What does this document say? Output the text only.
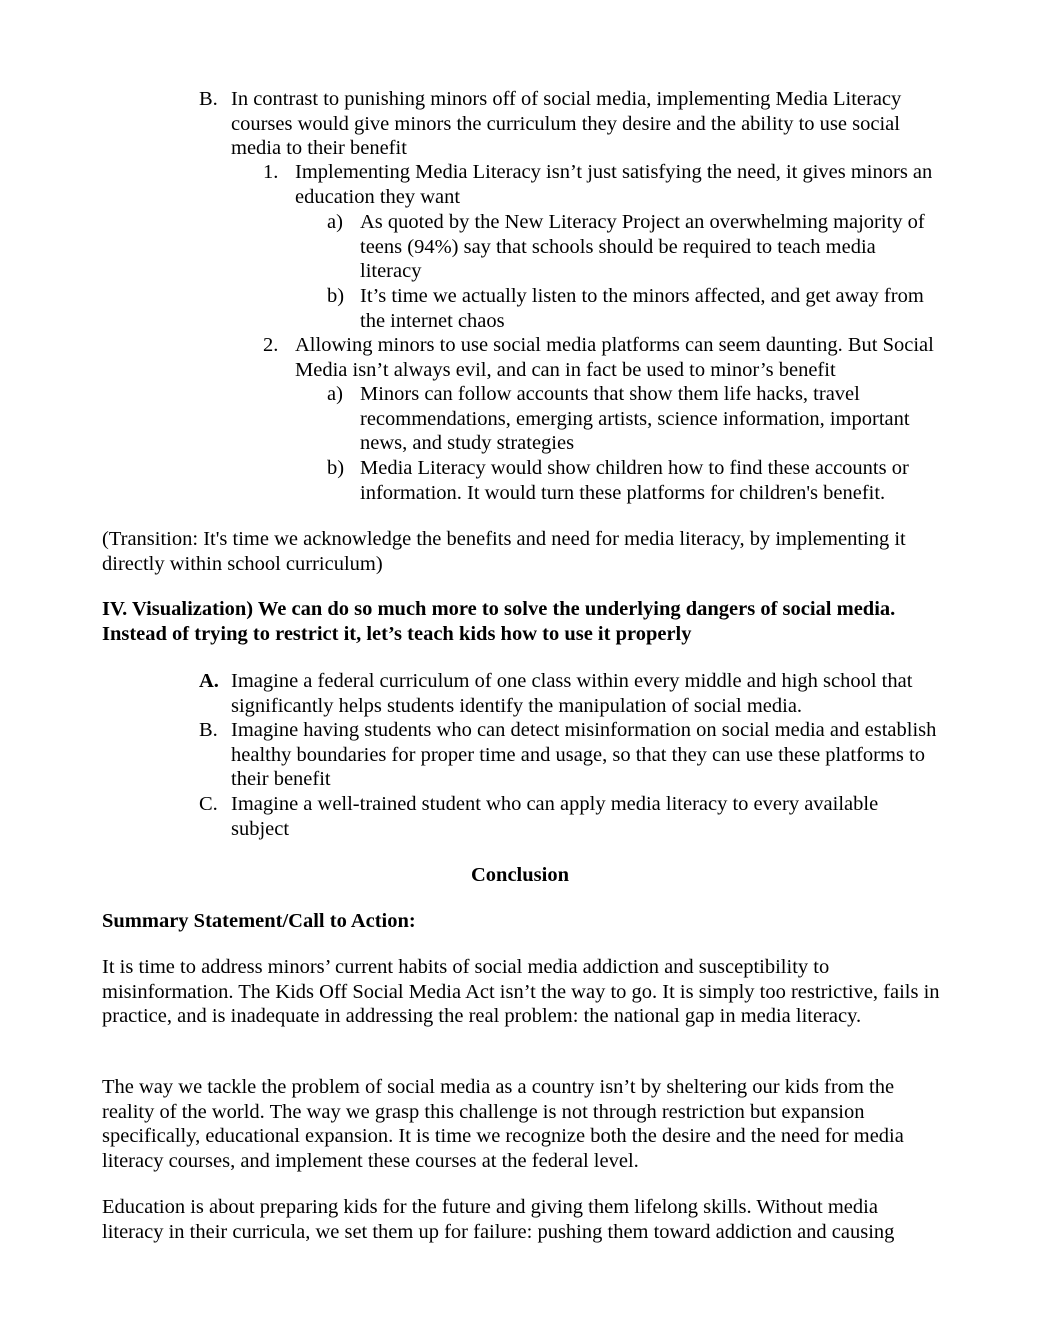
B. In contrast to punishing minors off of social media, implementing Media Literacy courses would give minors the curriculum they desire and the ability to use social media to their benefit
1. Implementing Media Literacy isn’t just satisfying the need, it gives minors an education they want
a) As quoted by the New Literacy Project an overwhelming majority of teens (94%) say that schools should be required to teach media literacy
b) It’s time we actually listen to the minors affected, and get away from the internet chaos
2. Allowing minors to use social media platforms can seem daunting. But Social Media isn’t always evil, and can in fact be used to minor’s benefit
a) Minors can follow accounts that show them life hacks, travel recommendations, emerging artists, science information, important news, and study strategies
b) Media Literacy would show children how to find these accounts or information. It would turn these platforms for children's benefit.

(Transition: It's time we acknowledge the benefits and need for media literacy, by implementing it directly within school curriculum)

IV. Visualization) We can do so much more to solve the underlying dangers of social media. Instead of trying to restrict it, let’s teach kids how to use it properly

A. Imagine a federal curriculum of one class within every middle and high school that significantly helps students identify the manipulation of social media.
B. Imagine having students who can detect misinformation on social media and establish healthy boundaries for proper time and usage, so that they can use these platforms to their benefit
C. Imagine a well-trained student who can apply media literacy to every available subject

Conclusion

Summary Statement/Call to Action:

It is time to address minors’ current habits of social media addiction and susceptibility to misinformation. The Kids Off Social Media Act isn’t the way to go. It is simply too restrictive, fails in practice, and is inadequate in addressing the real problem: the national gap in media literacy.

The way we tackle the problem of social media as a country isn’t by sheltering our kids from the reality of the world. The way we grasp this challenge is not through restriction but expansion specifically, educational expansion. It is time we recognize both the desire and the need for media literacy courses, and implement these courses at the federal level.

Education is about preparing kids for the future and giving them lifelong skills. Without media literacy in their curricula, we set them up for failure: pushing them toward addiction and causing
